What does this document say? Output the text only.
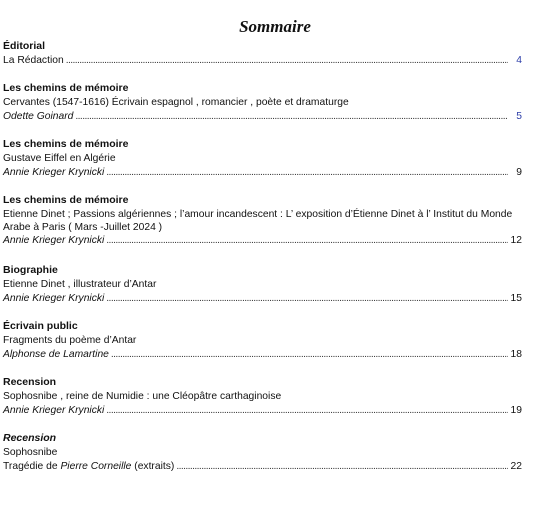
Sommaire
Éditorial
La Rédaction .....	4
Les chemins de mémoire
Cervantes (1547-1616) Écrivain espagnol , romancier , poète et dramaturge
Odette Goinard .....	5
Les chemins de mémoire
Gustave Eiffel en Algérie
Annie Krieger Krynicki .....	9
Les chemins de mémoire
Etienne Dinet ; Passions algériennes ; l’amour incandescent : L’ exposition d’Étienne Dinet à l’ Institut du Monde Arabe à Paris ( Mars -Juillet 2024 )
Annie Krieger Krynicki .....	12
Biographie
Etienne Dinet , illustrateur d’Antar
Annie Krieger Krynicki .....	15
Écrivain public
Fragments du poème d’Antar
Alphonse de Lamartine .....	18
Recension
Sophosnibe , reine de Numidie : une Cléopâtre carthaginoise
Annie Krieger Krynicki .....	19
Recension
Sophosnibe
Tragédie de Pierre Corneille (extraits) .....	22
